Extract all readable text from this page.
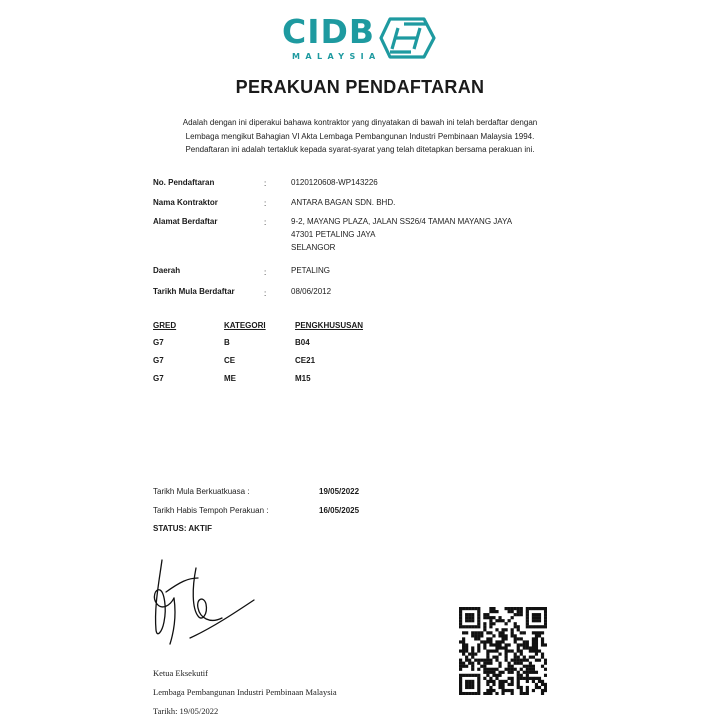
CIDB
MALAYSIA
PERAKUAN PENDAFTARAN
Adalah dengan ini diperakui bahawa kontraktor yang dinyatakan di bawah ini telah berdaftar dengan
Lembaga mengikut Bahagian VI Akta Lembaga Pembangunan Industri Pembinaan Malaysia 1994.
Pendaftaran ini adalah tertakluk kepada syarat-syarat yang telah ditetapkan bersama perakuan ini.
No. Pendaftaran	:	0120120608-WP143226
Nama Kontraktor	:	ANTARA BAGAN SDN. BHD.
Alamat Berdaftar	:	9-2, MAYANG PLAZA, JALAN SS26/4 TAMAN MAYANG JAYA
47301 PETALING JAYA
SELANGOR
Daerah	:	PETALING
Tarikh Mula Berdaftar	:	08/06/2012
GRED	KATEGORI	PENGKHUSUSAN
G7	B	B04
G7	CE	CE21
G7	ME	M15
Tarikh Mula Berkuatkuasa :	19/05/2022
Tarikh Habis Tempoh Perakuan :	16/05/2025
STATUS: AKTIF
Ketua Eksekutif
Lembaga Pembangunan Industri Pembinaan Malaysia
Tarikh: 19/05/2022
